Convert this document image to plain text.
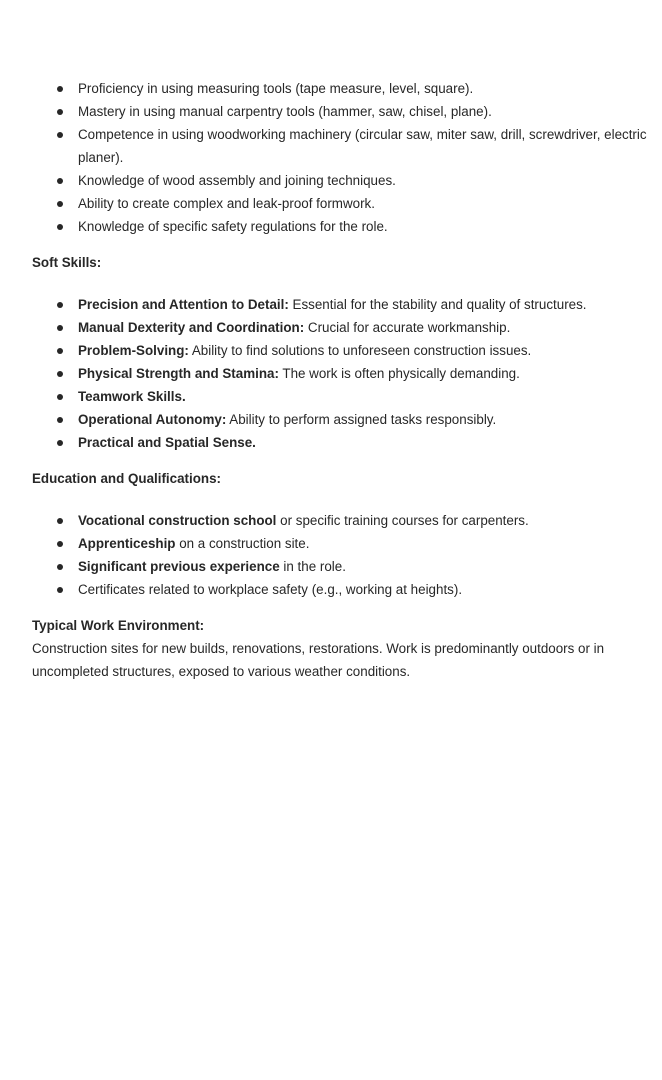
Proficiency in using measuring tools (tape measure, level, square).
Mastery in using manual carpentry tools (hammer, saw, chisel, plane).
Competence in using woodworking machinery (circular saw, miter saw, drill, screwdriver, electric planer).
Knowledge of wood assembly and joining techniques.
Ability to create complex and leak-proof formwork.
Knowledge of specific safety regulations for the role.
Soft Skills:
Precision and Attention to Detail: Essential for the stability and quality of structures.
Manual Dexterity and Coordination: Crucial for accurate workmanship.
Problem-Solving: Ability to find solutions to unforeseen construction issues.
Physical Strength and Stamina: The work is often physically demanding.
Teamwork Skills.
Operational Autonomy: Ability to perform assigned tasks responsibly.
Practical and Spatial Sense.
Education and Qualifications:
Vocational construction school or specific training courses for carpenters.
Apprenticeship on a construction site.
Significant previous experience in the role.
Certificates related to workplace safety (e.g., working at heights).
Typical Work Environment:

Construction sites for new builds, renovations, restorations. Work is predominantly outdoors or in uncompleted structures, exposed to various weather conditions.
